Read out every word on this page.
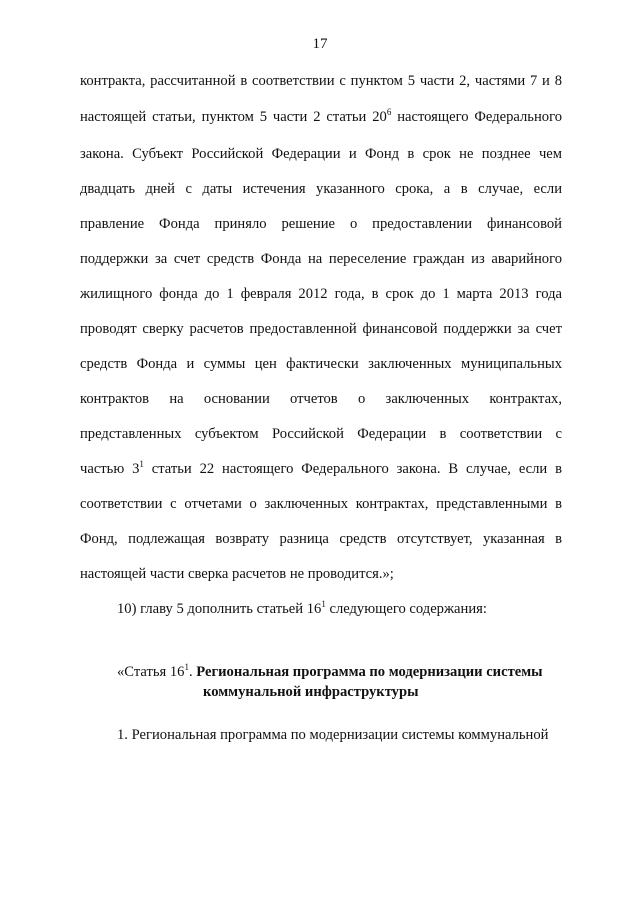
17
контракта, рассчитанной в соответствии с пунктом 5 части 2, частями 7 и 8
настоящей статьи, пунктом 5 части 2 статьи $20^6$ настоящего Федерального
закона. Субъект Российской Федерации и Фонд в срок не позднее чем
двадцать дней с даты истечения указанного срока, а в случае, если
правление Фонда приняло решение о предоставлении финансовой
поддержки за счет средств Фонда на переселение граждан из аварийного
жилищного фонда до 1 февраля 2012 года, в срок до 1 марта 2013 года
проводят сверку расчетов предоставленной финансовой поддержки за счет
средств Фонда и суммы цен фактически заключенных муниципальных
контрактов на основании отчетов о заключенных контрактах,
представленных субъектом Российской Федерации в соответствии с
частью $3^1$ статьи 22 настоящего Федерального закона. В случае, если в
соответствии с отчетами о заключенных контрактах, представленными в
Фонд, подлежащая возврату разница средств отсутствует, указанная в
настоящей части сверка расчетов не проводится.»;
10) главу 5 дополнить статьей $16^1$ следующего содержания:
«Статья $16^1$. Региональная программа по модернизации системы
коммунальной инфраструктуры
1. Региональная программа по модернизации системы коммунальной
